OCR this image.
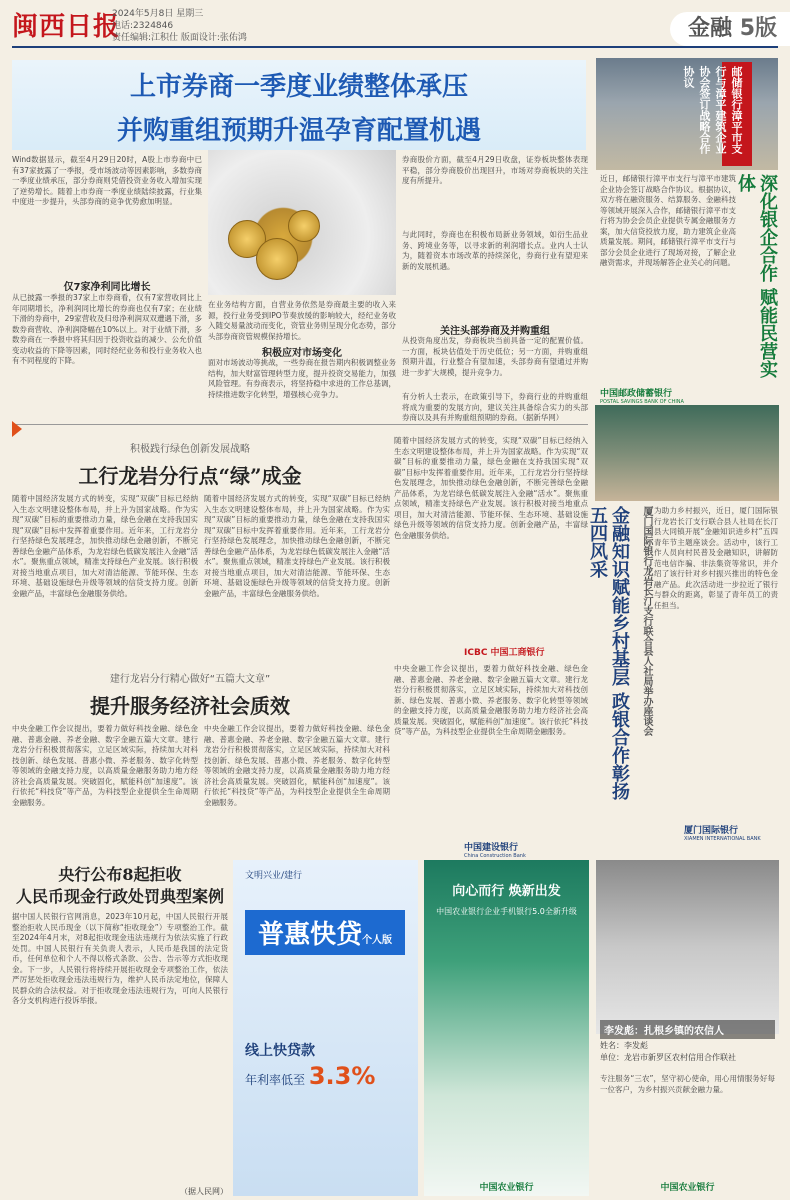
闽西日报
2024年5月8日 星期三
电话:2324846
责任编辑:江积仕 版面设计:张佑鸿	金融 5版
上市券商一季度业绩整体承压
并购重组预期升温孕育配置机遇
Wind数据显示，截至4月29日20时，A股上市券商中已有37家披露了一季报，受市场波动等因素影响，多数券商一季度业绩承压，部分券商则凭借投资业务收入增加实现了逆势增长。随着上市券商一季度业绩陆续披露，行业集中度进一步提升，头部券商的竞争优势愈加明显。
仅7家净利同比增长
从已披露一季报的37家上市券商看，仅有7家营收同比上年同期增长，净利润同比增长的券商也仅有7家；在业绩下滑的券商中，29家营收及归母净利润双双遭遇下滑，多数券商营收、净利润降幅在10%以上。对于业绩下滑，多数券商在一季报中将其归因于投资收益的减少、公允价值变动收益的下降等因素，同时经纪业务和投行业务收入也有不同程度的下降。
在业务结构方面，自营业务依然是券商最主要的收入来源，投行业务受到IPO节奏放缓的影响较大，经纪业务收入随交易量波动而变化，资管业务则呈现分化态势，部分头部券商资管规模保持增长。
积极应对市场变化
面对市场波动等挑战，一些券商在报告期内积极调整业务结构，加大财富管理转型力度，提升投资交易能力，加强风险管理。有券商表示，将坚持稳中求进的工作总基调，持续推进数字化转型，增强核心竞争力。
券商股价方面，截至4月29日收盘，证券板块整体表现平稳，部分券商股价出现回升，市场对券商板块的关注度有所提升。
与此同时，券商也在积极布局新业务领域，如衍生品业务、跨境业务等，以寻求新的利润增长点。业内人士认为，随着资本市场改革的持续深化，券商行业有望迎来新的发展机遇。
关注头部券商及并购重组
从投资角度出发，券商板块当前具备一定的配置价值。一方面，板块估值处于历史低位；另一方面，并购重组预期升温，行业整合有望加速，头部券商有望通过并购进一步扩大规模，提升竞争力。
有分析人士表示，在政策引导下，券商行业的并购重组将成为重要的发展方向，建议关注具备综合实力的头部券商以及具有并购重组预期的券商。（据新华网）
邮储银行漳平市支行与漳平建筑企业协会签订战略合作协议
深化银企合作 赋能民营实体
近日，邮储银行漳平市支行与漳平市建筑企业协会签订战略合作协议。根据协议，双方将在融资服务、结算服务、金融科技等领域开展深入合作，邮储银行漳平市支行将为协会会员企业提供专属金融服务方案，加大信贷投放力度，助力建筑企业高质量发展。期间，邮储银行漳平市支行与部分会员企业进行了现场对接，了解企业融资需求，并现场解答企业关心的问题。
中国邮政储蓄银行
POSTAL SAVINGS BANK OF CHINA
积极践行绿色创新发展战略
工行龙岩分行点“绿”成金
随着中国经济发展方式的转变，实现“双碳”目标已经纳入生态文明建设整体布局，并上升为国家战略。作为实现“双碳”目标的重要推动力量，绿色金融在支持我国实现“双碳”目标中发挥着重要作用。近年来，工行龙岩分行坚持绿色发展理念，加快推动绿色金融创新，不断完善绿色金融产品体系，为龙岩绿色低碳发展注入金融“活水”。聚焦重点领域，精准支持绿色产业发展。该行积极对接当地重点项目，加大对清洁能源、节能环保、生态环境、基础设施绿色升级等领域的信贷支持力度。创新金融产品，丰富绿色金融服务供给。
随着中国经济发展方式的转变，实现“双碳”目标已经纳入生态文明建设整体布局，并上升为国家战略。作为实现“双碳”目标的重要推动力量，绿色金融在支持我国实现“双碳”目标中发挥着重要作用。近年来，工行龙岩分行坚持绿色发展理念，加快推动绿色金融创新，不断完善绿色金融产品体系，为龙岩绿色低碳发展注入金融“活水”。聚焦重点领域，精准支持绿色产业发展。该行积极对接当地重点项目，加大对清洁能源、节能环保、生态环境、基础设施绿色升级等领域的信贷支持力度。创新金融产品，丰富绿色金融服务供给。
随着中国经济发展方式的转变，实现“双碳”目标已经纳入生态文明建设整体布局，并上升为国家战略。作为实现“双碳”目标的重要推动力量，绿色金融在支持我国实现“双碳”目标中发挥着重要作用。近年来，工行龙岩分行坚持绿色发展理念，加快推动绿色金融创新，不断完善绿色金融产品体系，为龙岩绿色低碳发展注入金融“活水”。聚焦重点领域，精准支持绿色产业发展。该行积极对接当地重点项目，加大对清洁能源、节能环保、生态环境、基础设施绿色升级等领域的信贷支持力度。创新金融产品，丰富绿色金融服务供给。
ICBC 中国工商银行	金融知识赋能乡村基层 政银合作彰扬五四风采	厦门国际银行龙岩长汀支行联合县人社局举办座谈会 为助力乡村振兴，近日，厦门国际银行龙岩长汀支行联合县人社局在长汀县大同镇开展“金融知识进乡村”五四青年节主题座谈会。活动中，该行工作人员向村民普及金融知识，讲解防范电信诈骗、非法集资等常识，并介绍了该行针对乡村振兴推出的特色金融产品。此次活动进一步拉近了银行与群众的距离，彰显了青年员工的责任担当。
厦门国际银行
XIAMEN INTERNATIONAL BANK
建行龙岩分行精心做好“五篇大文章”
提升服务经济社会质效
中央金融工作会议提出，要着力做好科技金融、绿色金融、普惠金融、养老金融、数字金融五篇大文章。建行龙岩分行积极贯彻落实，立足区域实际，持续加大对科技创新、绿色发展、普惠小微、养老服务、数字化转型等领域的金融支持力度，以高质量金融服务助力地方经济社会高质量发展。突破固化，赋能科创“加速度”。该行依托“科技贷”等产品，为科技型企业提供全生命周期金融服务。
中央金融工作会议提出，要着力做好科技金融、绿色金融、普惠金融、养老金融、数字金融五篇大文章。建行龙岩分行积极贯彻落实，立足区域实际，持续加大对科技创新、绿色发展、普惠小微、养老服务、数字化转型等领域的金融支持力度，以高质量金融服务助力地方经济社会高质量发展。突破固化，赋能科创“加速度”。该行依托“科技贷”等产品，为科技型企业提供全生命周期金融服务。
中央金融工作会议提出，要着力做好科技金融、绿色金融、普惠金融、养老金融、数字金融五篇大文章。建行龙岩分行积极贯彻落实，立足区域实际，持续加大对科技创新、绿色发展、普惠小微、养老服务、数字化转型等领域的金融支持力度，以高质量金融服务助力地方经济社会高质量发展。突破固化，赋能科创“加速度”。该行依托“科技贷”等产品，为科技型企业提供全生命周期金融服务。
中国建设银行
China Construction Bank
央行公布8起拒收
人民币现金行政处罚典型案例
据中国人民银行官网消息，2023年10月起，中国人民银行开展整治拒收人民币现金（以下简称“拒收现金”）专项整治工作。截至2024年4月末，对8起拒收现金违法违规行为依法实施了行政处罚。中国人民银行有关负责人表示，人民币是我国的法定货币，任何单位和个人不得以格式条款、公告、告示等方式拒收现金。下一步，人民银行将持续开展拒收现金专项整治工作，依法严厉惩处拒收现金违法违规行为，维护人民币法定地位，保障人民群众的合法权益。对于拒收现金违法违规行为，可向人民银行各分支机构进行投诉举报。
（据人民网）
文明兴业/建行
普惠快贷个人版
线上快贷款
年利率低至 3.3%
向心而行 焕新出发
中国农业银行企业手机银行5.0全新升级
中国农业银行
李发彪：扎根乡镇的农信人
姓名：李发彪
单位：龙岩市新罗区农村信用合作联社
专注服务“三农”，坚守初心使命，用心用情服务好每一位客户，为乡村振兴贡献金融力量。
中国农业银行
